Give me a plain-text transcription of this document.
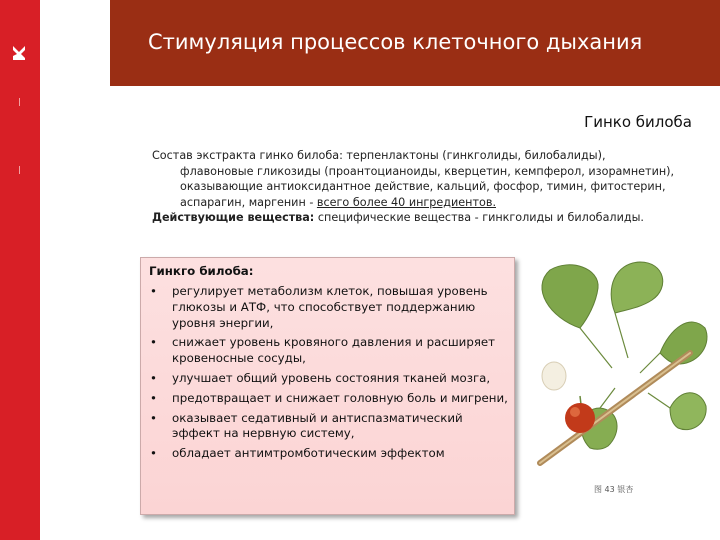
Стимуляция процессов клеточного дыхания
Гинко билоба

Состав экстракта гинко билоба: терпенлактоны (гинкголиды, билобалиды),

флавоновые гликозиды (проантоцианоиды, кверцетин, кемпферол, изорамнетин),

оказывающие антиоксидантное действие, кальций, фосфор, тимин, фитостерин,

аспарагин, маргенин - всего более 40 ингредиентов.

Действующие вещества: специфические вещества - гинкголиды и билобалиды.

Гинкго билоба:
• регулирует метаболизм клеток, повышая уровень глюкозы и АТФ, что способствует поддержанию уровня энергии,
• снижает уровень кровяного давления и расширяет кровеносные сосуды,
• улучшает общий уровень состояния тканей мозга,
• предотвращает и снижает головную боль и мигрени,
• оказывает седативный и антиспазматический эффект на нервную систему,
• обладает антимтромботическим эффектом
图 43 银杏
